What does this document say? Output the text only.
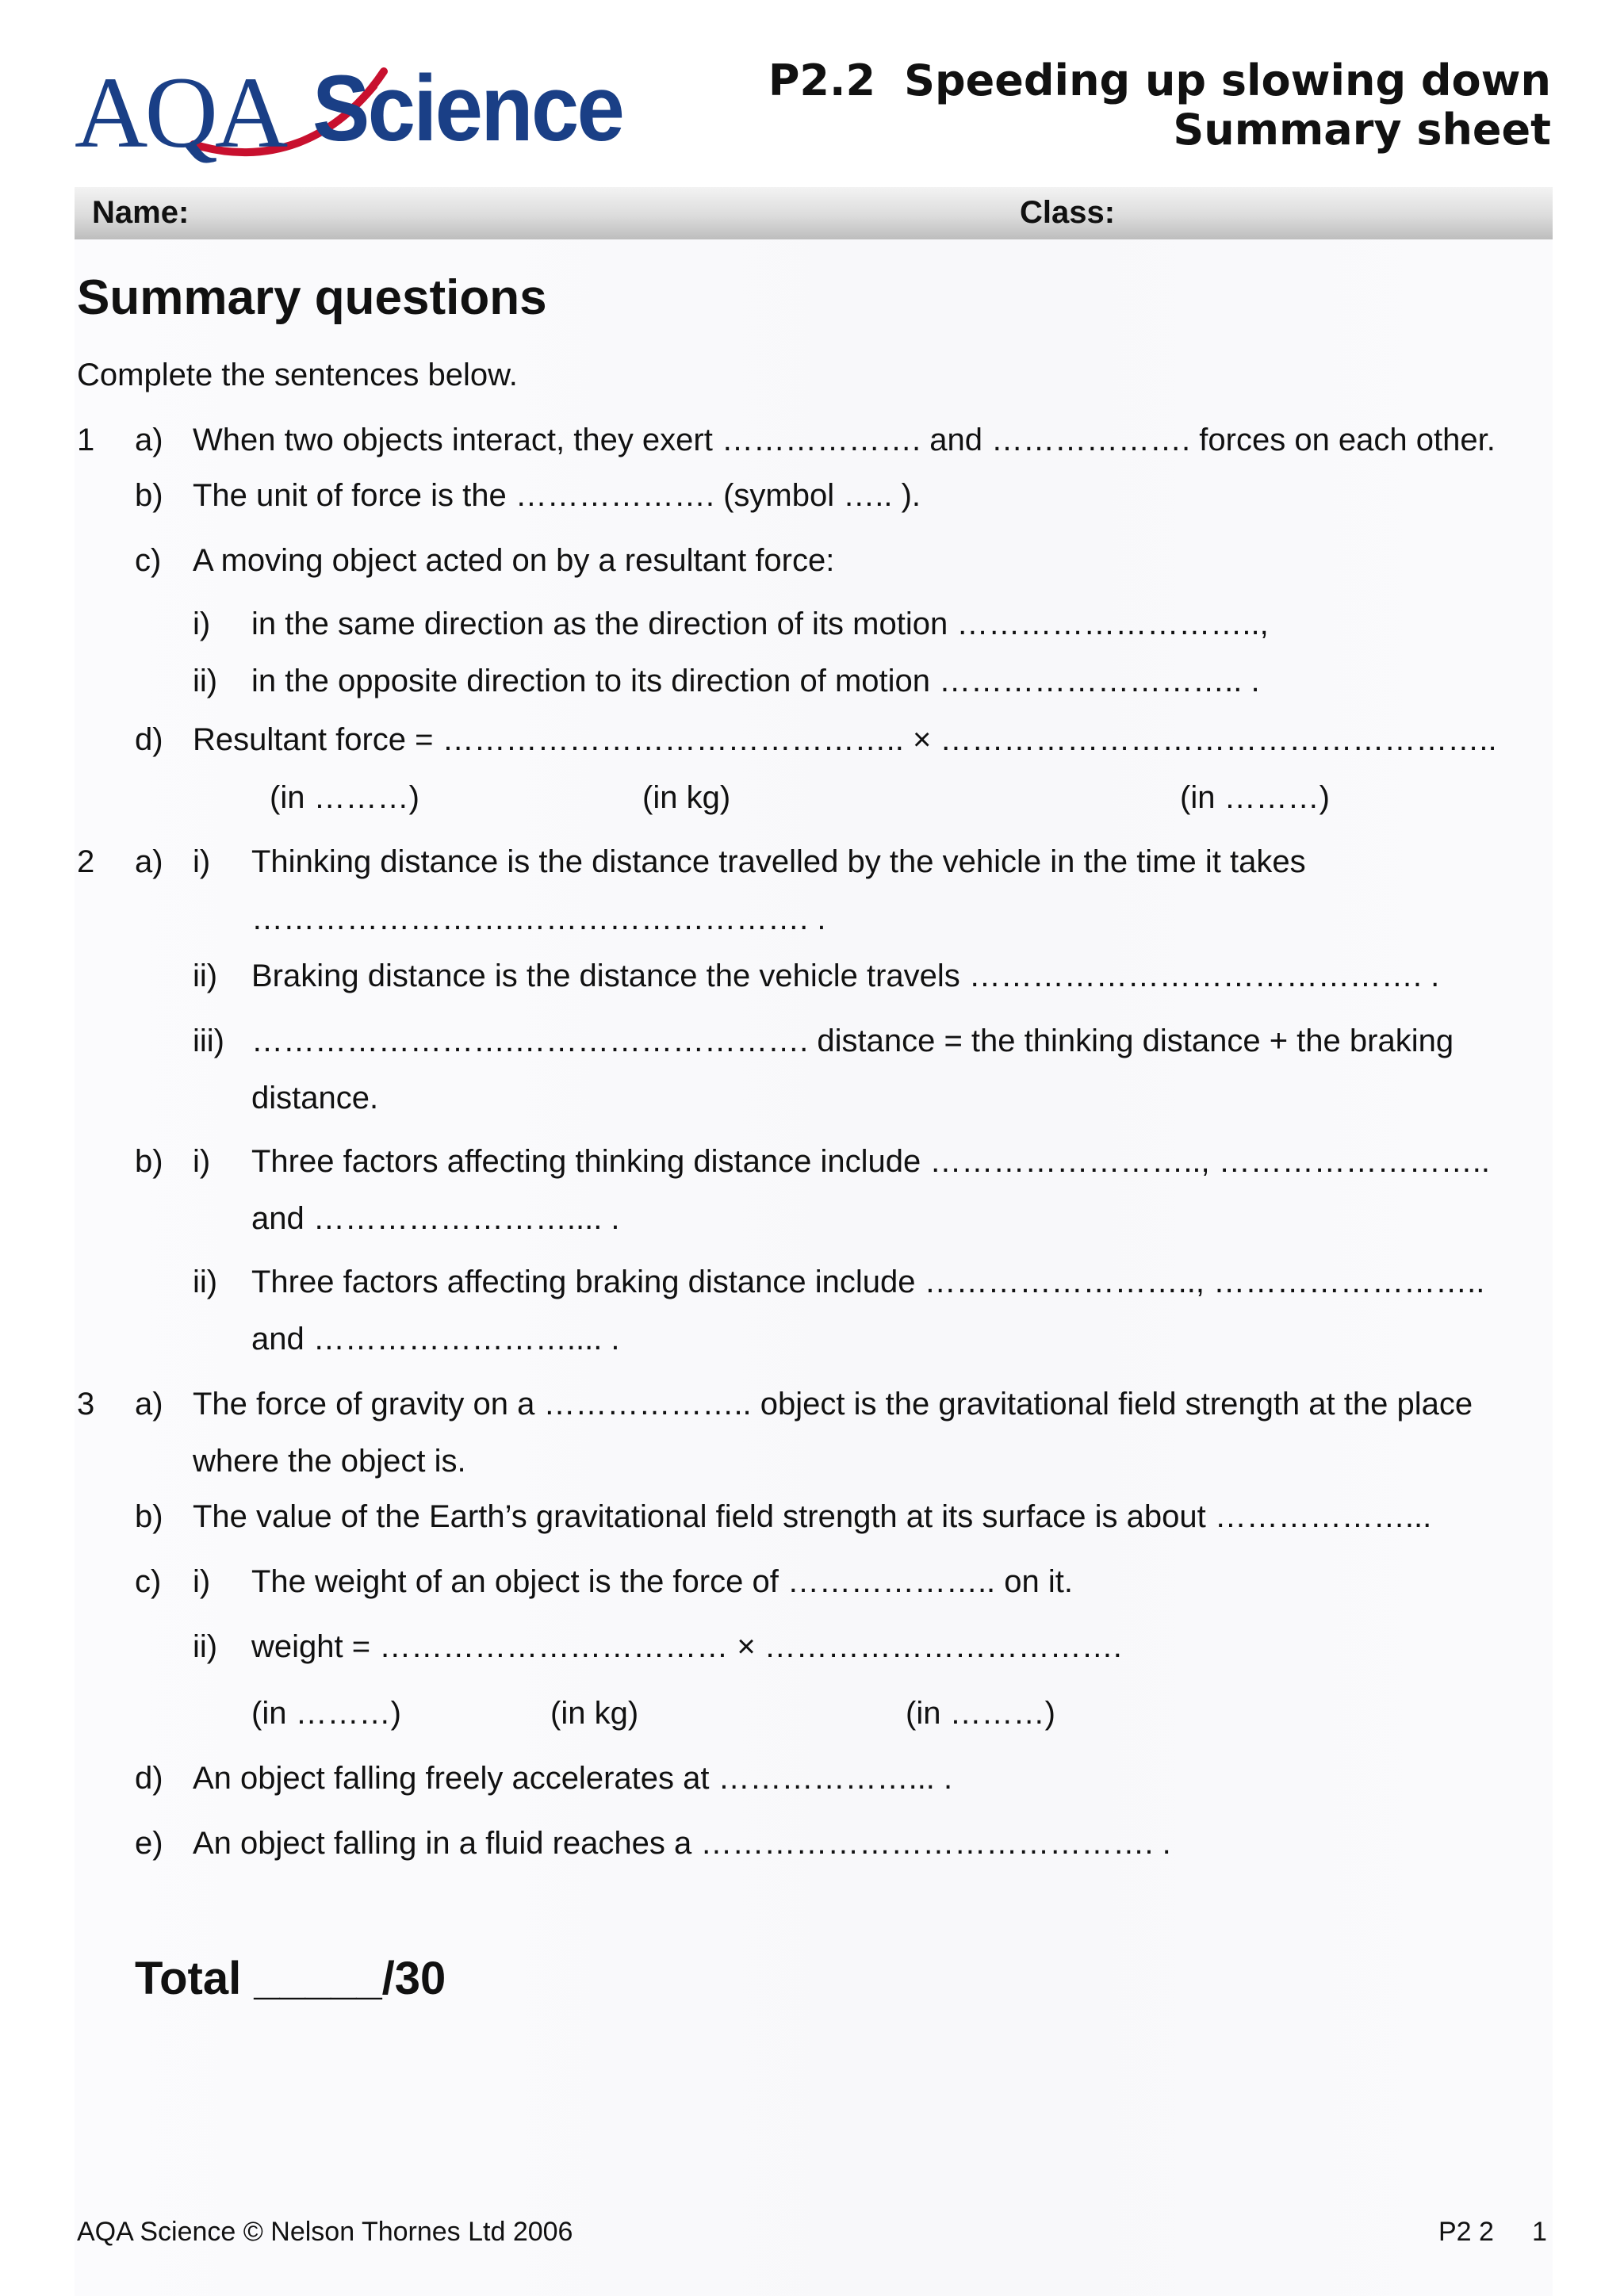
AQA Science	P2.2 Speeding up slowing down
Summary sheet
Name:	Class:
Summary questions
Complete the sentences below.
1 a) When two objects interact, they exert ………………. and ………………. forces on each other.
b) The unit of force is the ………………. (symbol ….. ).
c) A moving object acted on by a resultant force:
i) in the same direction as the direction of its motion ………………………..,
ii) in the opposite direction to its direction of motion ……………………….. .
d) Resultant force = …………………………………….. × ……………………………………………..
(in ………)	(in kg)	(in ………)
2 a) i) Thinking distance is the distance travelled by the vehicle in the time it takes
…………………….………………………. .
ii) Braking distance is the distance the vehicle travels ……………………………………. .
iii) …………………….………………………. distance = the thinking distance + the braking
distance.
b) i) Three factors affecting thinking distance include …………………….., ……………………..
and …………………….... .
ii) Three factors affecting braking distance include …………………….., ……………………..
and …………………….... .
3 a) The force of gravity on a ……………….. object is the gravitational field strength at the place
where the object is.
b) The value of the Earth’s gravitational field strength at its surface is about ………………...
c) i) The weight of an object is the force of ……………….. on it.
ii) weight = …………………………… × …………………………….
(in ………)	(in kg)	(in ………)
d) An object falling freely accelerates at ………………... .
e) An object falling in a fluid reaches a ……………………………………. .
Total _____/30
AQA Science © Nelson Thornes Ltd 2006	P2 2 1
